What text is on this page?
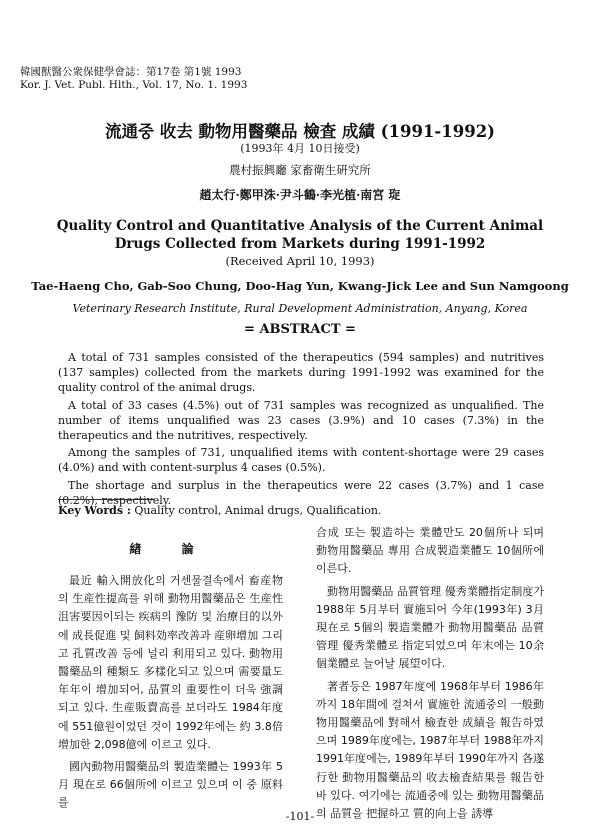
韓國獸醫公衆保健學會誌：第17卷 第1號 1993
Kor. J. Vet. Publ. Hlth., Vol. 17, No. 1. 1993
流通중 收去 動物用醫藥品 檢査 成績 (1991-1992)
(1993年 4月 10日接受)
農村振興廳 家畜衛生硏究所
趙太行·鄭甲洙·尹斗鶴·李光植·南宮 琁
Quality Control and Quantitative Analysis of the Current Animal
Drugs Collected from Markets during 1991-1992
(Received April 10, 1993)
Tae-Haeng Cho, Gab-Soo Chung, Doo-Hag Yun, Kwang-Jick Lee and Sun Namgoong
Veterinary Research Institute, Rural Development Administration, Anyang, Korea
= ABSTRACT =

A total of 731 samples consisted of the therapeutics (594 samples) and nutritives (137 samples) collected from the markets during 1991-1992 was examined for the quality control of the animal drugs.

A total of 33 cases (4.5%) out of 731 samples was recognized as unqualified. The number of items unqualified was 23 cases (3.9%) and 10 cases (7.3%) in the therapeutics and the nutritives, respectively.

Among the samples of 731, unqualified items with content-shortage were 29 cases (4.0%) and with content-surplus 4 cases (0.5%).

The shortage and surplus in the therapeutics were 22 cases (3.7%) and 1 case (0.2%), respectively.

Key Words : Quality control, Animal drugs, Qualification.
緖 論

最近 輸入開放化의 거센물결속에서 畜産物의 生産性提高를 위해 動物用醫藥品은 生産性沮害要因이되는 疾病의 豫防 및 治療目的以外에 成長促進 및 飼料効率改善과 産卵增加 그리고 孔質改善 등에 널리 利用되고 있다. 動物用醫藥品의 種類도 多樣化되고 있으며 需要量도 年年이 增加되어, 品質의 重要性이 더욱 強調되고 있다. 生産販賣高를 보더라도 1984年度에 551億원이었던 것이 1992年에는 約 3.8倍 增加한 2,098億에 이르고 있다.

國內動物用醫藥品의 製造業體는 1993年 5月 現在로 66個所에 이르고 있으며 이 중 原料를

合成 또는 製造하는 業體만도 20個所나 되며 動物用醫藥品 專用 合成製造業體도 10個所에 이른다.

動物用醫藥品 品質管理 優秀業體指定制度가 1988年 5月부터 實施되어 今年(1993年) 3月 現在로 5個의 製造業體가 動物用醫藥品 品質管理 優秀業體로 指定되었으며 年末에는 10余個業體로 늘어날 展望이다.

著者등은 1987年度에 1968年부터 1986年까지 18年間에 걸쳐서 實施한 流通중의 一般動物用醫藥品에 對해서 檢査한 成績을 報告하였으며 1989年度에는, 1987年부터 1988年까지 1991年度에는, 1989年부터 1990年까지 各遂行한 動物用醫藥品의 收去檢査結果를 報告한 바 있다. 여기에는 流通중에 있는 動物用醫藥品의 品質을 把握하고 質的向上을 誘導

-101-
